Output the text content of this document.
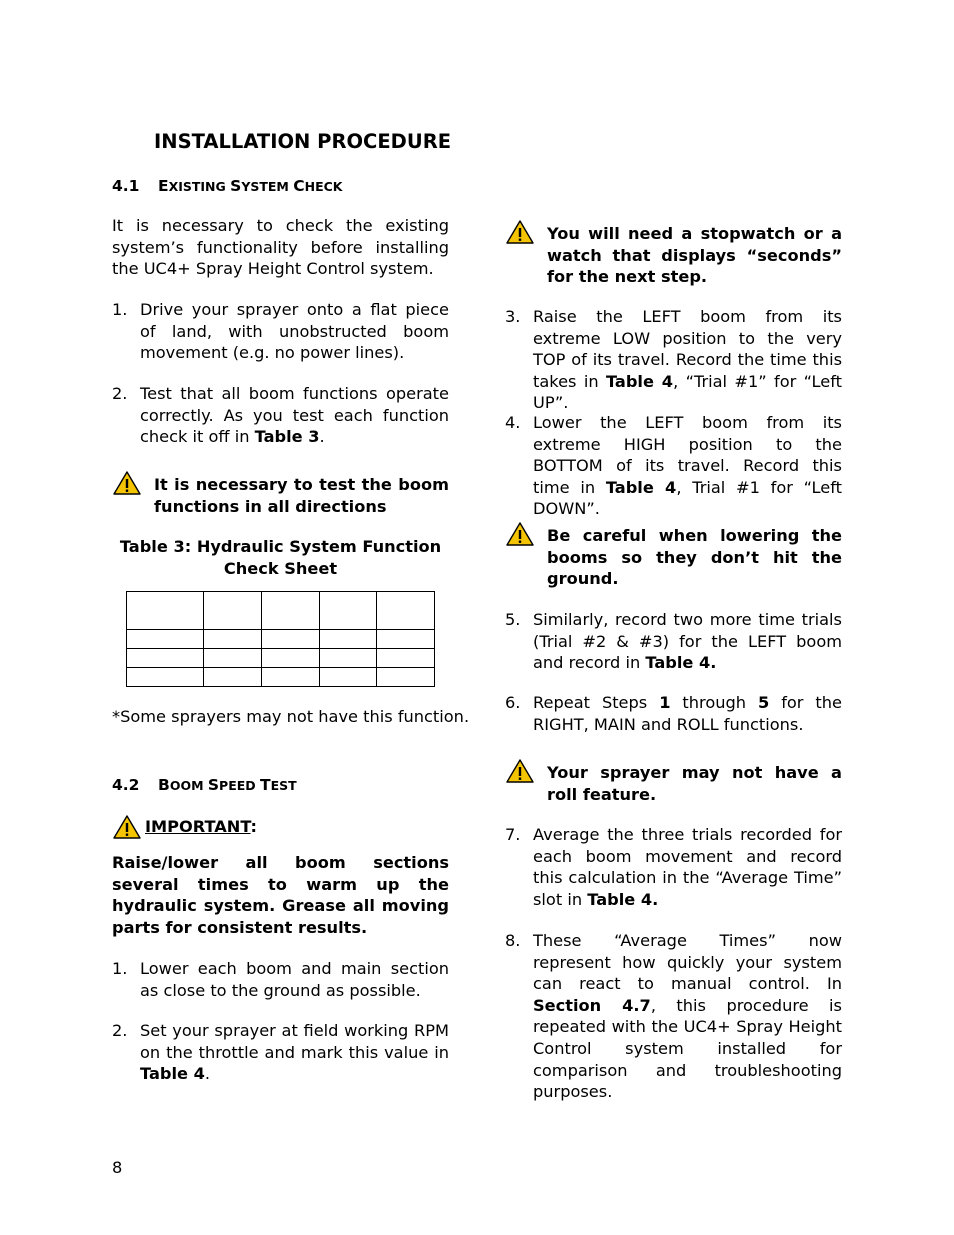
INSTALLATION PROCEDURE
4.1 EXISTING SYSTEM CHECK
It is necessary to check the existing system’s functionality before installing the UC4+ Spray Height Control system.
1. Drive your sprayer onto a flat piece of land, with unobstructed boom movement (e.g. no power lines).
2. Test that all boom functions operate correctly. As you test each function check it off in Table 3.
It is necessary to test the boom functions in all directions
Table 3: Hydraulic System Function
Check Sheet

*Some sprayers may not have this function.
4.2 BOOM SPEED TEST
IMPORTANT:
Raise/lower all boom sections several times to warm up the hydraulic system. Grease all moving parts for consistent results.
1. Lower each boom and main section as close to the ground as possible.
2. Set your sprayer at field working RPM on the throttle and mark this value in Table 4.
8
You will need a stopwatch or a watch that displays “seconds” for the next step.
3. Raise the LEFT boom from its extreme LOW position to the very TOP of its travel. Record the time this takes in Table 4, “Trial #1” for “Left UP”.
4. Lower the LEFT boom from its extreme HIGH position to the BOTTOM of its travel. Record this time in Table 4, Trial #1 for “Left DOWN”.
Be careful when lowering the booms so they don’t hit the ground.
5. Similarly, record two more time trials (Trial #2 & #3) for the LEFT boom and record in Table 4.
6. Repeat Steps 1 through 5 for the RIGHT, MAIN and ROLL functions.
Your sprayer may not have a roll feature.
7. Average the three trials recorded for each boom movement and record this calculation in the “Average Time” slot in Table 4.
8. These “Average Times” now represent how quickly your system can react to manual control. In Section 4.7, this procedure is repeated with the UC4+ Spray Height Control system installed for comparison and troubleshooting purposes.
